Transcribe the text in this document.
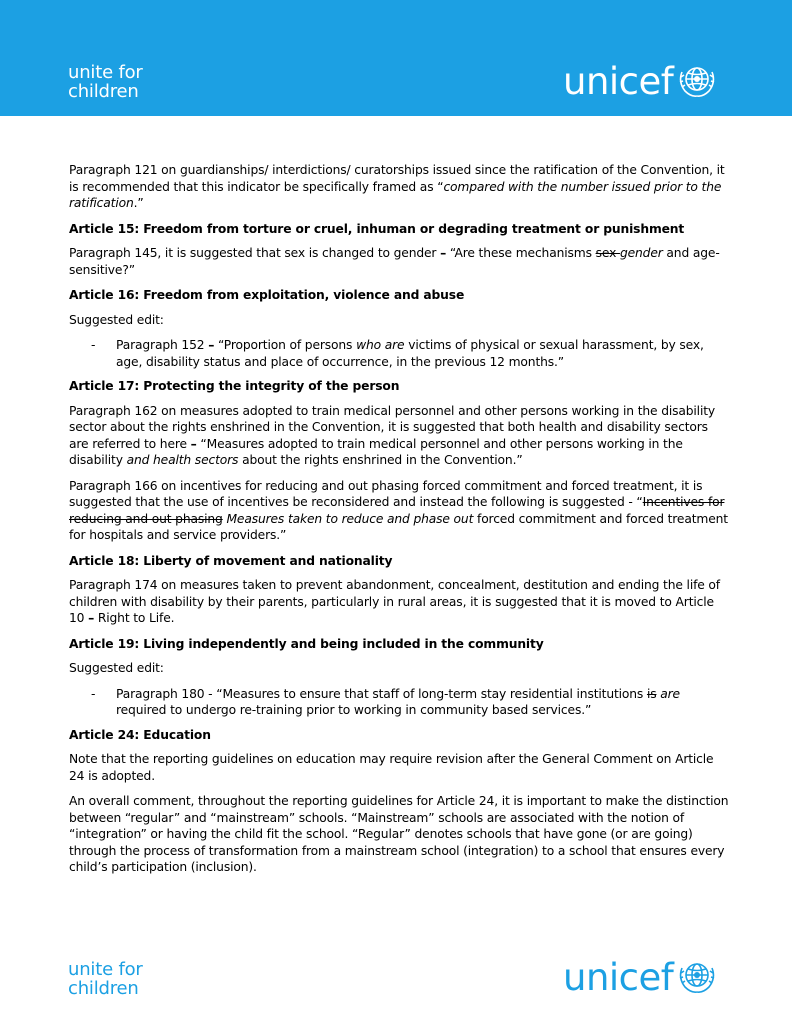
unite for
children	unicef

Paragraph 121 on guardianships/ interdictions/ curatorships issued since the ratification of the Convention, it is recommended that this indicator be specifically framed as “compared with the number issued prior to the ratification.”

Article 15: Freedom from torture or cruel, inhuman or degrading treatment or punishment

Paragraph 145, it is suggested that sex is changed to gender – “Are these mechanisms sex gender and age-sensitive?”

Article 16: Freedom from exploitation, violence and abuse

Suggested edit:

-	Paragraph 152 – “Proportion of persons who are victims of physical or sexual harassment, by sex, age, disability status and place of occurrence, in the previous 12 months.”

Article 17: Protecting the integrity of the person

Paragraph 162 on measures adopted to train medical personnel and other persons working in the disability sector about the rights enshrined in the Convention, it is suggested that both health and disability sectors are referred to here – “Measures adopted to train medical personnel and other persons working in the disability and health sectors about the rights enshrined in the Convention.”

Paragraph 166 on incentives for reducing and out phasing forced commitment and forced treatment, it is suggested that the use of incentives be reconsidered and instead the following is suggested - “Incentives for reducing and out phasing Measures taken to reduce and phase out forced commitment and forced treatment for hospitals and service providers.”

Article 18: Liberty of movement and nationality

Paragraph 174 on measures taken to prevent abandonment, concealment, destitution and ending the life of children with disability by their parents, particularly in rural areas, it is suggested that it is moved to Article 10 – Right to Life.

Article 19: Living independently and being included in the community

Suggested edit:

-	Paragraph 180 - “Measures to ensure that staff of long-term stay residential institutions is are required to undergo re-training prior to working in community based services.”

Article 24: Education

Note that the reporting guidelines on education may require revision after the General Comment on Article 24 is adopted.

An overall comment, throughout the reporting guidelines for Article 24, it is important to make the distinction between “regular” and “mainstream” schools. “Mainstream” schools are associated with the notion of “integration” or having the child fit the school. “Regular” denotes schools that have gone (or are going) through the process of transformation from a mainstream school (integration) to a school that ensures every child’s participation (inclusion).

unite for
children	unicef
